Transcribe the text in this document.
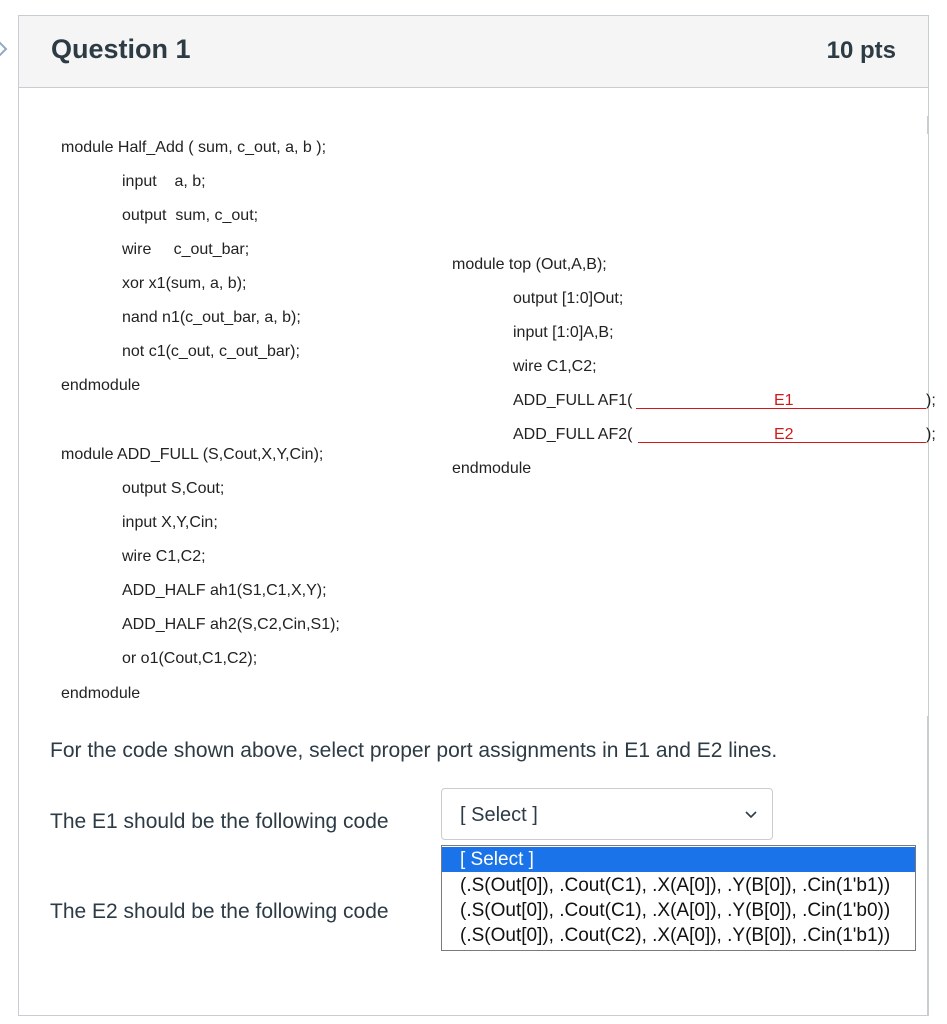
Question 1	10 pts
module Half_Add ( sum, c_out, a, b );
input    a, b;
output  sum, c_out;
wire     c_out_bar;
xor x1(sum, a, b);
nand n1(c_out_bar, a, b);
not c1(c_out, c_out_bar);
endmodule
module ADD_FULL (S,Cout,X,Y,Cin);
output S,Cout;
input X,Y,Cin;
wire C1,C2;
ADD_HALF ah1(S1,C1,X,Y);
ADD_HALF ah2(S,C2,Cin,S1);
or o1(Cout,C1,C2);
endmodule
module top (Out,A,B);
output [1:0]Out;
input [1:0]A,B;
wire C1,C2;
ADD_FULL AF1(	E1	);
ADD_FULL AF2(	E2	);
endmodule
For the code shown above, select proper port assignments in E1 and E2 lines.
The E1 should be the following code
The E2 should be the following code
[ Select ]
[ Select ]
(.S(Out[0]), .Cout(C1), .X(A[0]), .Y(B[0]), .Cin(1'b1))
(.S(Out[0]), .Cout(C1), .X(A[0]), .Y(B[0]), .Cin(1'b0))
(.S(Out[0]), .Cout(C2), .X(A[0]), .Y(B[0]), .Cin(1'b1))
